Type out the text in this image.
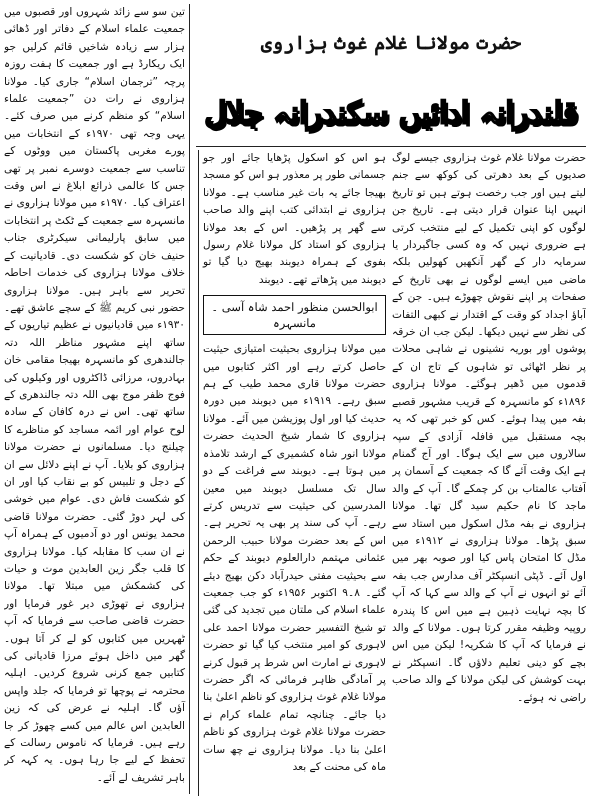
تین سو سے زائد شہروں اور قصبوں میں جمعیت علماء اسلام کے دفاتر اور ڈھائی ہزار سے زیادہ شاخیں قائم کرلیں جو ایک ریکارڈ ہے اور جمعیت کا ہفت روزہ پرچہ ”ترجمان اسلام“ جاری کیا۔ مولانا ہزاروی نے رات دن ”جمعیت علماء اسلام“ کو منظم کرنے میں صرف کئے۔ یہی وجہ تھی ۱۹۷۰ء کے انتخابات میں پورے مغربی پاکستان میں ووٹوں کے تناسب سے جمعیت دوسرے نمبر پر تھی جس کا عالمی ذرائع ابلاغ نے اس وقت اعتراف کیا۔ ۱۹۷۰ء میں مولانا ہزاروی نے مانسہرہ سے جمعیت کے ٹکٹ پر انتخابات میں سابق پارلیمانی سیکرٹری جناب حنیف خان کو شکست دی۔ قادیانیت کے خلاف مولانا ہزاروی کی خدمات احاطہ تحریر سے باہر ہیں۔ مولانا ہزاروی حضور نبی کریم ﷺ کے سچے عاشق تھے۔ ۱۹۳۰ء میں قادیانیوں نے عظیم تیاریوں کے ساتھ اپنے مشہور مناظر اللہ دتہ جالندھری کو مانسہرہ بھیجا مقامی خان بہادروں، مرزائی ڈاکٹروں اور وکیلوں کی فوج ظفر موج بھی اللہ دتہ جالندھری کے ساتھ تھی۔ اس نے درہ کافان کے سادہ لوح عوام اور ائمہ مساجد کو مناظرے کا چیلنج دیا۔ مسلمانوں نے حضرت مولانا ہزاروی کو بلایا۔ آپ نے اپنے دلائل سے ان کے دجل و تلبیس کو بے نقاب کیا اور ان کو شکست فاش دی۔ عوام میں خوشی کی لہر دوڑ گئی۔ حضرت مولانا قاضی محمد یونس اور دو آدمیوں کے ہمراہ آپ نے ان سب کا مقابلہ کیا۔ مولانا ہزاروی کا قلب جگر زین العابدین موت و حیات کی کشمکش میں مبتلا تھا۔ مولانا ہزاروی نے تھوڑی دیر غور فرمایا اور حضرت قاضی صاحب سے فرمایا کہ آپ ٹھہریں میں کتابوں کو لے کر آتا ہوں۔ گھر میں داخل ہوئے مرزا قادیانی کی کتابیں جمع کرنی شروع کردیں۔ اہلیہ محترمہ نے پوچھا تو فرمایا کہ جلد واپس آؤں گا۔ اہلیہ نے عرض کی کہ زین العابدین اس عالم میں کسے چھوڑ کر جا رہے ہیں۔ فرمایا کہ ناموس رسالت کے تحفظ کے لیے جا رہا ہوں۔ یہ کہہ کر باہر تشریف لے آئے۔

حضرت مولانا غلام غوث ہزاروی
قلندرانہ ادائیں سکندرانہ جلال

حضرت مولانا غلام غوث ہزاروی جیسے لوگ صدیوں کے بعد دھرتی کی کوکھ سے جنم لیتے ہیں اور جب رخصت ہوتے ہیں تو تاریخ انہیں اپنا عنوان قرار دیتی ہے۔ تاریخ جن لوگوں کو اپنی تکمیل کے لیے منتخب کرتی ہے ضروری نہیں کہ وہ کسی جاگیردار یا سرمایہ دار کے گھر آنکھیں کھولیں بلکہ ماضی میں ایسے لوگوں نے بھی تاریخ کے صفحات پر اپنے نقوش چھوڑے ہیں۔ جن کے آباؤ اجداد کو وقت کے اقتدار نے کبھی التفات کی نظر سے نہیں دیکھا۔ لیکن جب ان خرقہ پوشوں اور بوریہ نشینوں نے شاہی محلات پر نظر اٹھائی تو شاہوں کے تاج ان کے قدموں میں ڈھیر ہوگئے۔ مولانا ہزاروی ۱۸۹۶ء کو مانسہرہ کے قریب مشہور قصبے بفہ میں پیدا ہوئے۔ کس کو خبر تھی کہ یہ بچہ مستقبل میں قافلہ آزادی کے سپہ سالاروں میں سے ایک ہوگا۔ اور آج گمنام ہے ایک وقت آئے گا کہ جمعیت کے آسمان پر آفتاب عالمتاب بن کر چمکے گا۔ آپ کے والد ماجد کا نام حکیم سید گل تھا۔ مولانا ہزاروی نے بفہ مڈل اسکول میں استاد سے سبق پڑھا۔ مولانا ہزاروی نے ۱۹۱۲ء میں مڈل کا امتحان پاس کیا اور صوبہ بھر میں اول آئے۔ ڈپٹی انسپکٹر آف مدارس جب بفہ آئے تو انہوں نے آپ کے والد سے کہا کہ آپ کا بچہ نہایت ذہین ہے میں اس کا پندرہ روپیہ وظیفہ مقرر کرتا ہوں۔ مولانا کے والد نے فرمایا کہ آپ کا شکریہ! لیکن میں اس بچے کو دینی تعلیم دلاؤں گا۔ انسپکٹر نے بہت کوشش کی لیکن مولانا کے والد صاحب راضی نہ ہوئے۔

ہو اس کو اسکول پڑھایا جائے اور جو جسمانی طور پر معذور ہو اس کو مسجد بھیجا جائے یہ بات غیر مناسب ہے۔ مولانا ہزاروی نے ابتدائی کتب اپنے والد صاحب سے گھر پر پڑھیں۔ اس کے بعد مولانا ہزاروی کو استاد کل مولانا غلام رسول بفوی کے ہمراہ دیوبند بھیج دیا گیا تو دیوبند میں پڑھاتے تھے۔ دیوبند

ابوالحسن منظور احمد شاہ آسی ۔ مانسہرہ

میں مولانا ہزاروی بحیثیت امتیازی حیثیت حاصل کرتے رہے اور اکثر کتابوں میں حضرت مولانا قاری محمد طیب کے ہم سبق رہے۔ ۱۹۱۹ء میں دیوبند میں دورہ حدیث کیا اور اول پوزیشن میں آئے۔ مولانا ہزاروی کا شمار شیخ الحدیث حضرت مولانا انور شاہ کشمیری کے ارشد تلامذہ میں ہوتا ہے۔ دیوبند سے فراغت کے دو سال تک مسلسل دیوبند میں معین المدرسین کی حیثیت سے تدریس کرتے رہے۔ آپ کی سند پر بھی یہ تحریر ہے۔ اس کے بعد حضرت مولانا حبیب الرحمن عثمانی مہتمم دارالعلوم دیوبند کے حکم سے بحیثیت مفتی حیدرآباد دکن بھیج دیئے گئے۔ ۸۔۹ اکتوبر ۱۹۵۶ء کو جب جمعیت علماء اسلام کی ملتان میں تجدید کی گئی تو شیخ التفسیر حضرت مولانا احمد علی لاہوری کو امیر منتخب کیا گیا تو حضرت لاہوری نے امارت اس شرط پر قبول کرنے پر آمادگی ظاہر فرمائی کہ اگر حضرت مولانا غلام غوث ہزاروی کو ناظم اعلیٰ بنا دیا جائے۔ چنانچہ تمام علماء کرام نے حضرت مولانا غلام غوث ہزاروی کو ناظم اعلیٰ بنا دیا۔ مولانا ہزاروی نے چھ سات ماہ کی محنت کے بعد
